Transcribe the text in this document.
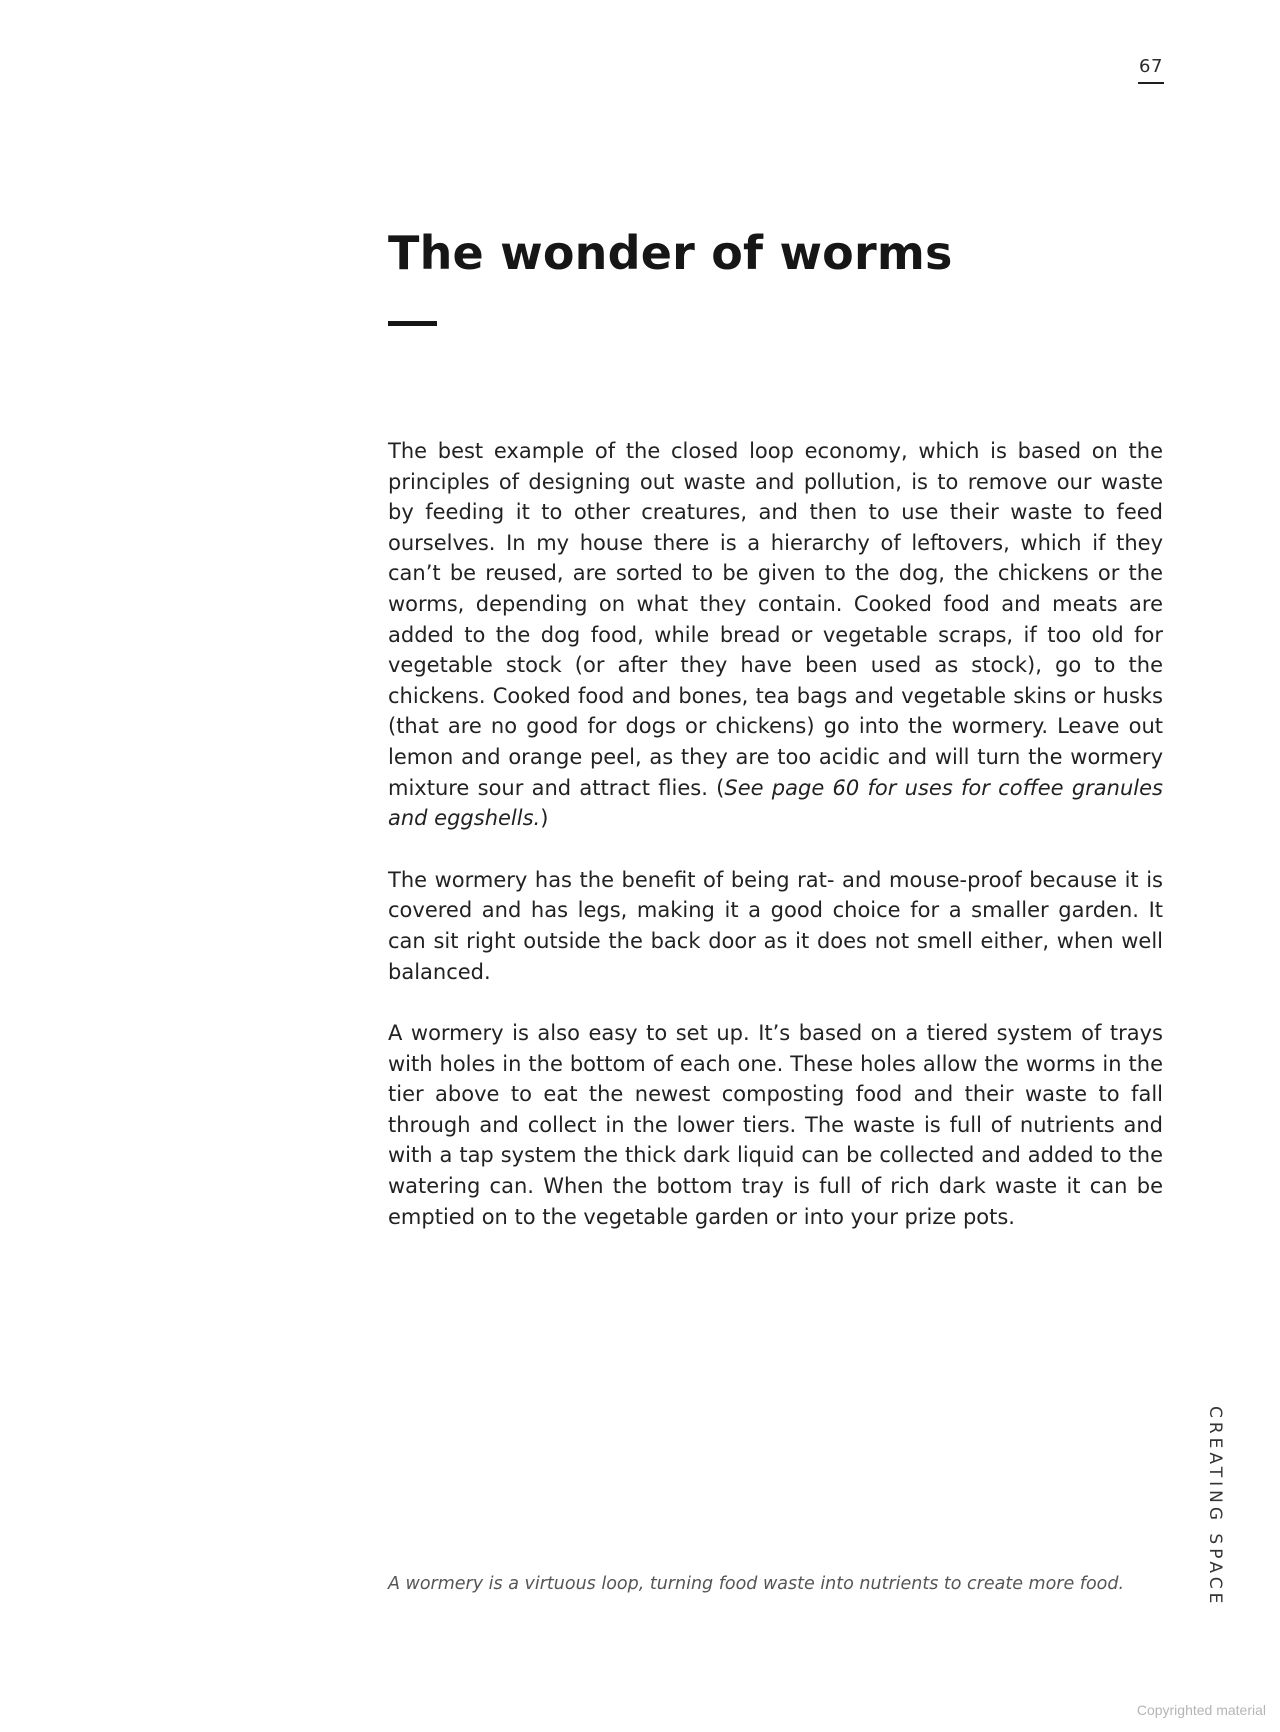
67
The wonder of worms

The best example of the closed loop economy, which is based on the principles of designing out waste and pollution, is to remove our waste by feeding it to other creatures, and then to use their waste to feed ourselves. In my house there is a hierarchy of leftovers, which if they can’t be reused, are sorted to be given to the dog, the chickens or the worms, depending on what they contain. Cooked food and meats are added to the dog food, while bread or vegetable scraps, if too old for vegetable stock (or after they have been used as stock), go to the chickens. Cooked food and bones, tea bags and vegetable skins or husks (that are no good for dogs or chickens) go into the wormery. Leave out lemon and orange peel, as they are too acidic and will turn the wormery mixture sour and attract flies. (See page 60 for uses for coffee granules and eggshells.)

The wormery has the benefit of being rat- and mouse-proof because it is covered and has legs, making it a good choice for a smaller garden. It can sit right outside the back door as it does not smell either, when well balanced.

A wormery is also easy to set up. It’s based on a tiered system of trays with holes in the bottom of each one. These holes allow the worms in the tier above to eat the newest composting food and their waste to fall through and collect in the lower tiers. The waste is full of nutrients and with a tap system the thick dark liquid can be collected and added to the watering can. When the bottom tray is full of rich dark waste it can be emptied on to the vegetable garden or into your prize pots.

A wormery is a virtuous loop, turning food waste into nutrients to create more food.	CREATING SPACE
Copyrighted material
